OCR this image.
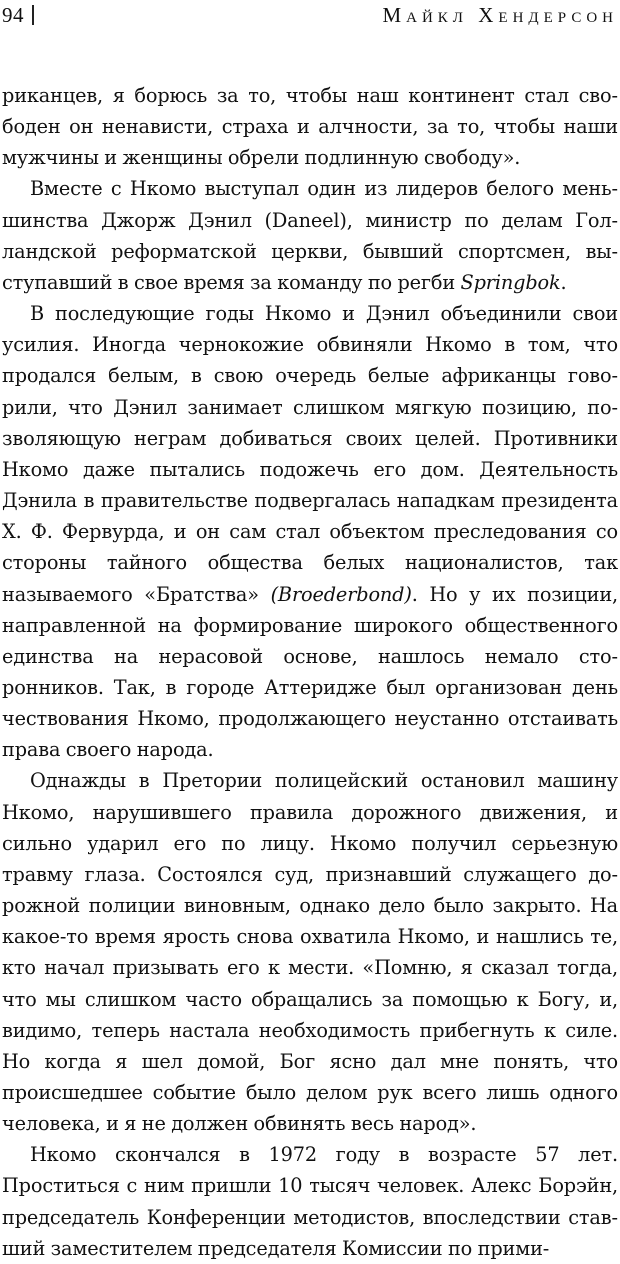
94	Майкл Хендерсон

риканцев, я борюсь за то, чтобы наш континент стал свободен он ненависти, страха и алчности, за то, чтобы наши мужчины и женщины обрели подлинную свободу».

Вместе с Нкомо выступал один из лидеров белого меньшинства Джорж Дэнил (Daneel), министр по делам Голландской реформатской церкви, бывший спортсмен, выступавший в свое время за команду по регби Springbok.

В последующие годы Нкомо и Дэнил объединили свои усилия. Иногда чернокожие обвиняли Нкомо в том, что продался белым, в свою очередь белые африканцы говорили, что Дэнил занимает слишком мягкую позицию, позволяющую неграм добиваться своих целей. Противники Нкомо даже пытались подожечь его дом. Деятельность Дэнила в правительстве подвергалась нападкам президента Х. Ф. Фервурда, и он сам стал объектом преследования со стороны тайного общества белых националистов, так называемого «Братства» (Broederbond). Но у их позиции, направленной на формирование широкого общественного единства на нерасовой основе, нашлось немало сторонников. Так, в городе Аттеридже был организован день чествования Нкомо, продолжающего неустанно отстаивать права своего народа.

Однажды в Претории полицейский остановил машину Нкомо, нарушившего правила дорожного движения, и сильно ударил его по лицу. Нкомо получил серьезную травму глаза. Состоялся суд, признавший служащего дорожной полиции виновным, однако дело было закрыто. На какое-то время ярость снова охватила Нкомо, и нашлись те, кто начал призывать его к мести. «Помню, я сказал тогда, что мы слишком часто обращались за помощью к Богу, и, видимо, теперь настала необходимость прибегнуть к силе. Но когда я шел домой, Бог ясно дал мне понять, что происшедшее событие было делом рук всего лишь одного человека, и я не должен обвинять весь народ».

Нкомо скончался в 1972 году в возрасте 57 лет. Проститься с ним пришли 10 тысяч человек. Алекс Борэйн, председатель Конференции методистов, впоследствии ставший заместителем председателя Комиссии по прими-
